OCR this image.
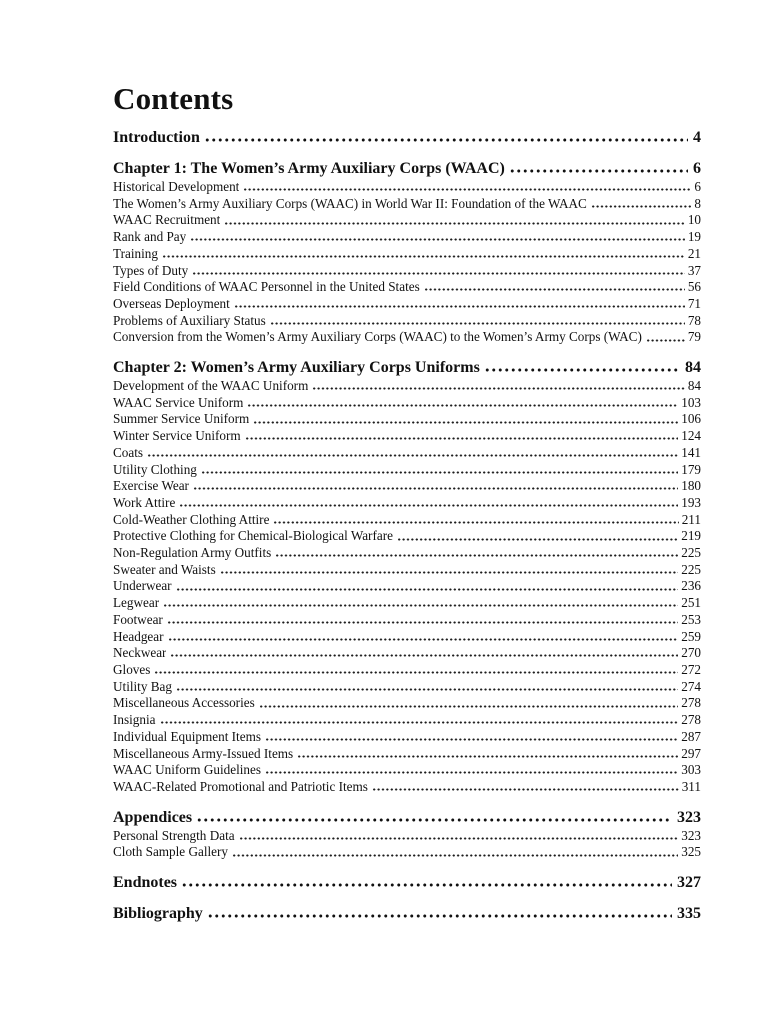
Contents
Introduction	4
Chapter 1: The Women’s Army Auxiliary Corps (WAAC)	6
Historical Development	6
The Women’s Army Auxiliary Corps (WAAC) in World War II: Foundation of the WAAC	8
WAAC Recruitment	10
Rank and Pay	19
Training	21
Types of Duty	37
Field Conditions of WAAC Personnel in the United States	56
Overseas Deployment	71
Problems of Auxiliary Status	78
Conversion from the Women’s Army Auxiliary Corps (WAAC) to the Women’s Army Corps (WAC)	79
Chapter 2: Women’s Army Auxiliary Corps Uniforms	84
Development of the WAAC Uniform	84
WAAC Service Uniform	103
Summer Service Uniform	106
Winter Service Uniform	124
Coats	141
Utility Clothing	179
Exercise Wear	180
Work Attire	193
Cold-Weather Clothing Attire	211
Protective Clothing for Chemical-Biological Warfare	219
Non-Regulation Army Outfits	225
Sweater and Waists	225
Underwear	236
Legwear	251
Footwear	253
Headgear	259
Neckwear	270
Gloves	272
Utility Bag	274
Miscellaneous Accessories	278
Insignia	278
Individual Equipment Items	287
Miscellaneous Army-Issued Items	297
WAAC Uniform Guidelines	303
WAAC-Related Promotional and Patriotic Items	311
Appendices	323
Personal Strength Data	323
Cloth Sample Gallery	325
Endnotes	327
Bibliography	335
